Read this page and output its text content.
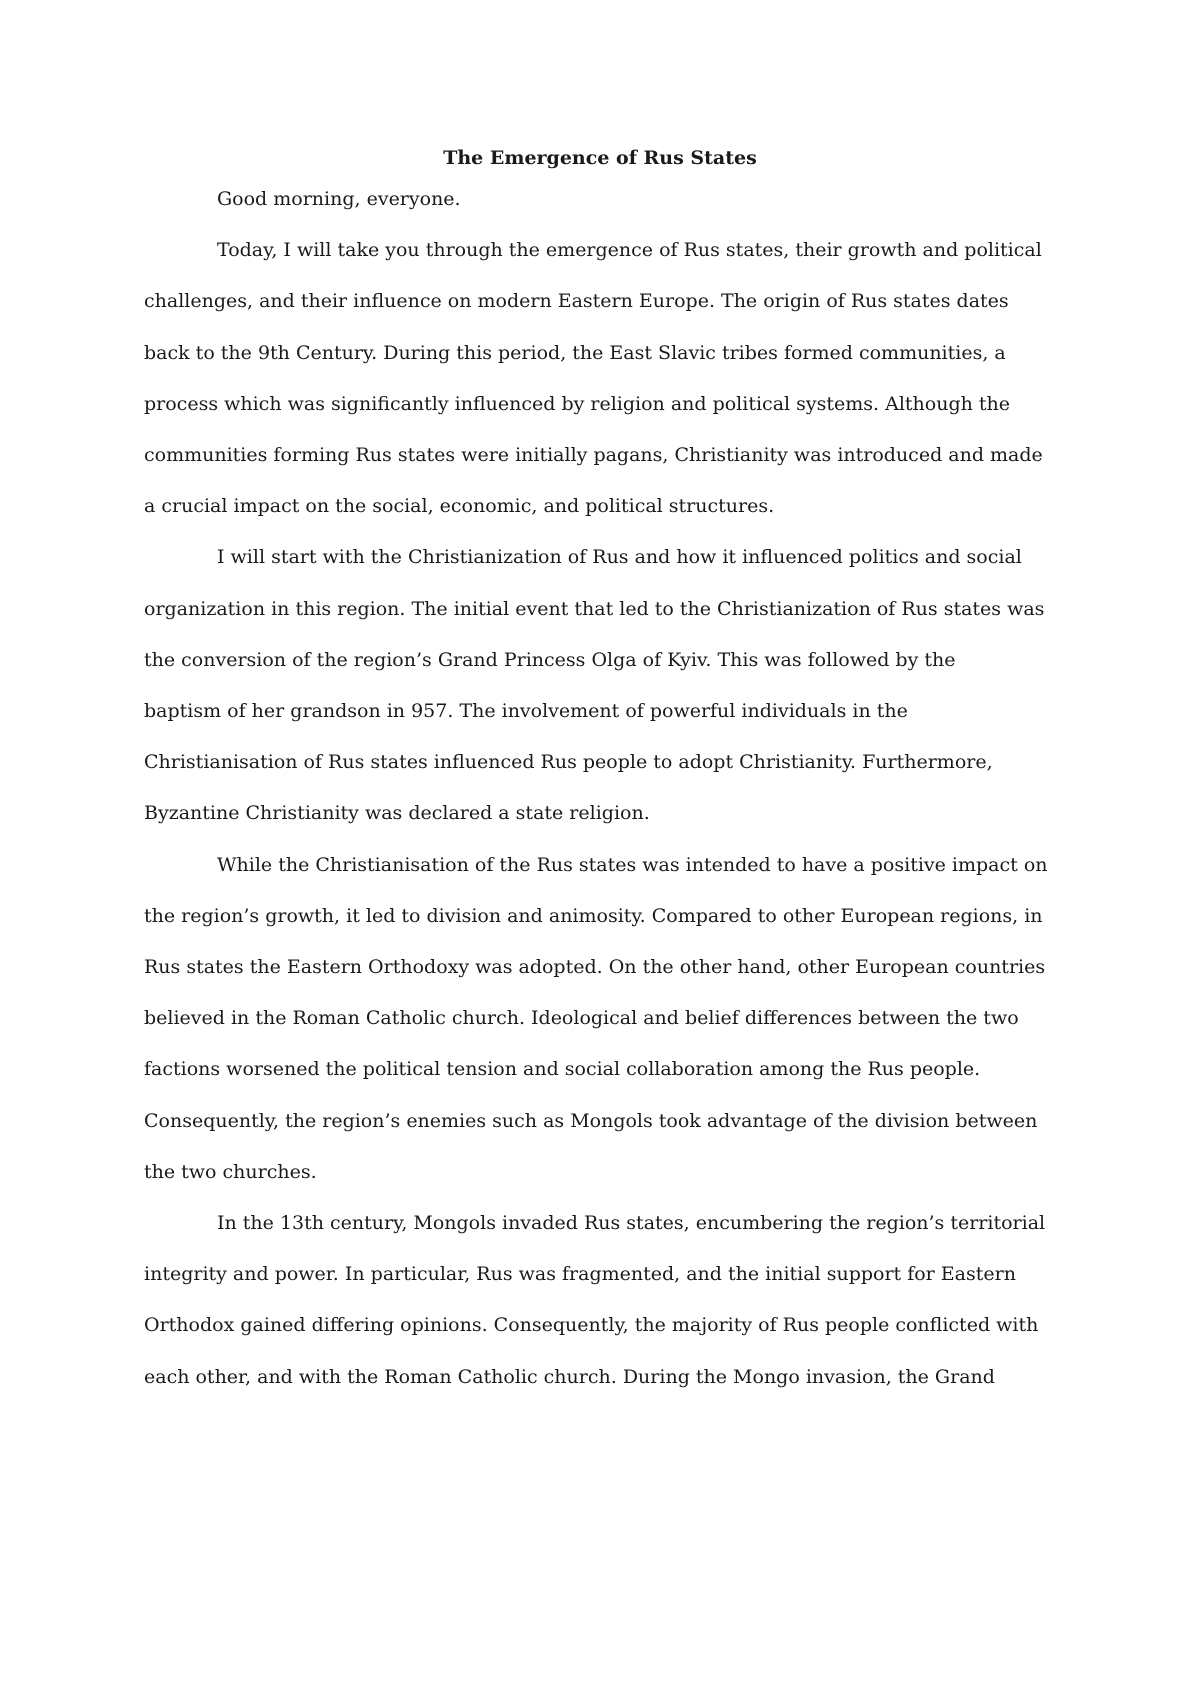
The Emergence of Rus States
Good morning, everyone.
Today, I will take you through the emergence of Rus states, their growth and political
challenges, and their influence on modern Eastern Europe. The origin of Rus states dates
back to the 9th Century. During this period, the East Slavic tribes formed communities, a
process which was significantly influenced by religion and political systems. Although the
communities forming Rus states were initially pagans, Christianity was introduced and made
a crucial impact on the social, economic, and political structures.
I will start with the Christianization of Rus and how it influenced politics and social
organization in this region. The initial event that led to the Christianization of Rus states was
the conversion of the region’s Grand Princess Olga of Kyiv. This was followed by the
baptism of her grandson in 957. The involvement of powerful individuals in the
Christianisation of Rus states influenced Rus people to adopt Christianity. Furthermore,
Byzantine Christianity was declared a state religion.
While the Christianisation of the Rus states was intended to have a positive impact on
the region’s growth, it led to division and animosity. Compared to other European regions, in
Rus states the Eastern Orthodoxy was adopted. On the other hand, other European countries
believed in the Roman Catholic church. Ideological and belief differences between the two
factions worsened the political tension and social collaboration among the Rus people.
Consequently, the region’s enemies such as Mongols took advantage of the division between
the two churches.
In the 13th century, Mongols invaded Rus states, encumbering the region’s territorial
integrity and power. In particular, Rus was fragmented, and the initial support for Eastern
Orthodox gained differing opinions. Consequently, the majority of Rus people conflicted with
each other, and with the Roman Catholic church. During the Mongo invasion, the Grand
